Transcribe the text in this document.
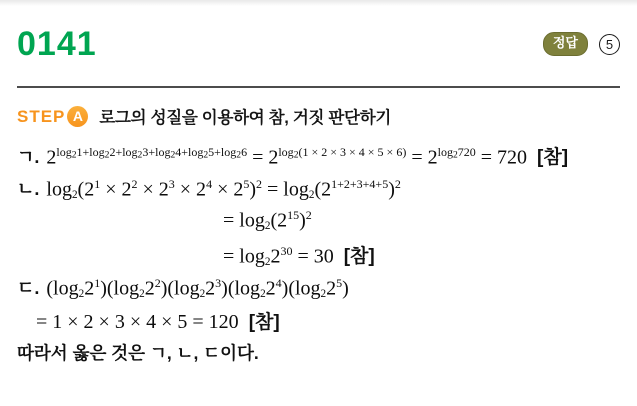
0141	정답	5
STEP A 로그의 성질을 이용하여 참, 거짓 판단하기
ㄱ. $2^{log_21+log_22+log_23+log_24+log_25+log_26} = 2^{log_2(1 \times 2 \times 3 \times 4 \times 5 \times 6)} = 2^{log_2720} = 720$ [참]
ㄴ. $\log_2(2^1 \times 2^2 \times 2^3 \times 2^4 \times 2^5)^2 = \log_2(2^{1+2+3+4+5})^2$
= $\log_2(2^{15})^2$
= $\log_22^{30} = 30$ [참]
ㄷ. $(\log_22^1)(\log_22^2)(\log_22^3)(\log_22^4)(\log_22^5)$
= 1 × 2 × 3 × 4 × 5 = 120 [참]
따라서 옳은 것은 ㄱ, ㄴ, ㄷ이다.
